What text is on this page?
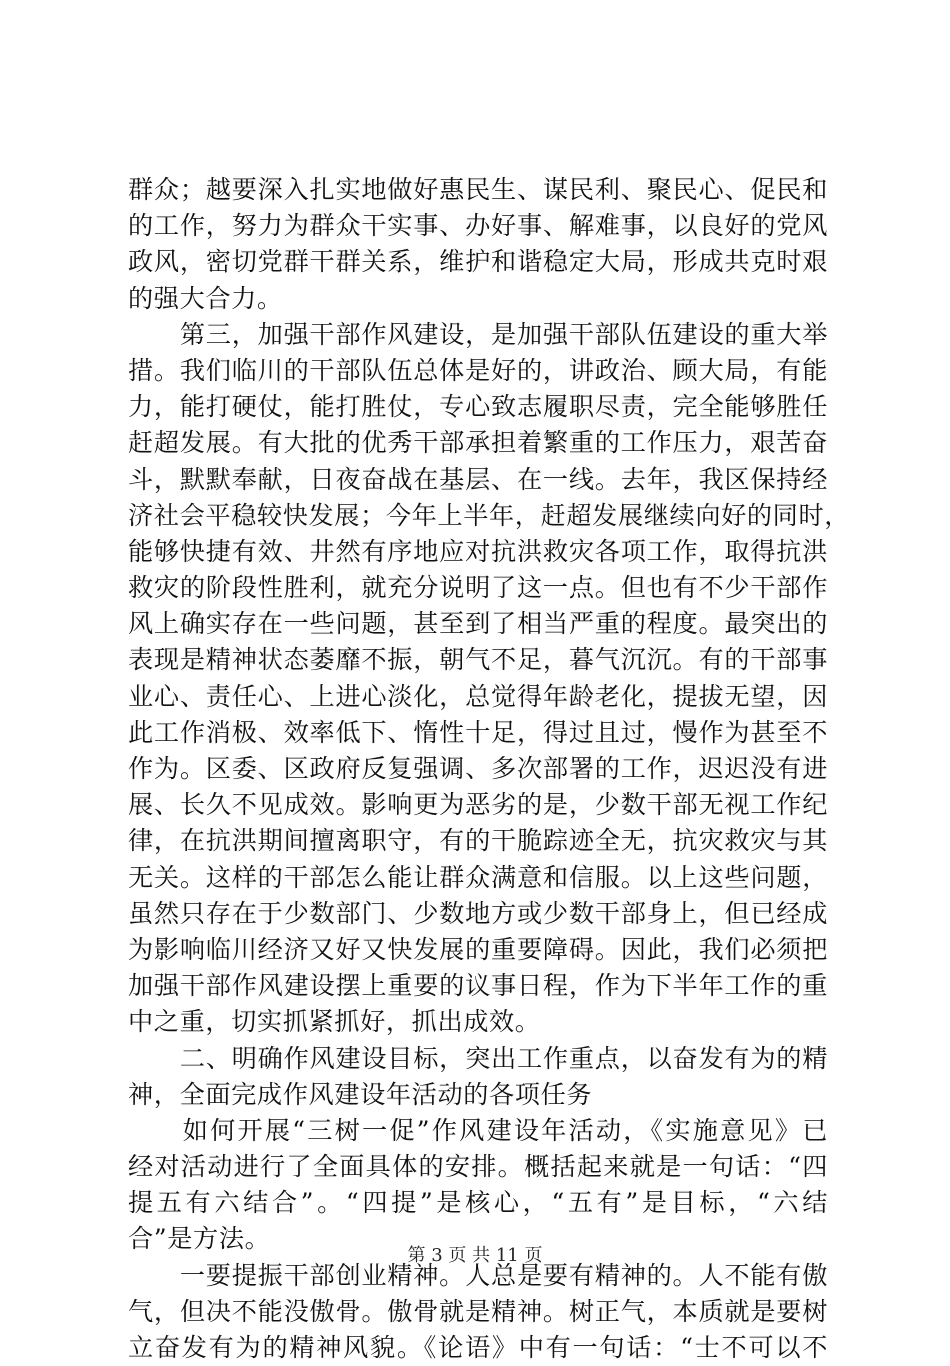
群众；越要深入扎实地做好惠民生、谋民利、聚民心、促民和
的工作，努力为群众干实事、办好事、解难事，以良好的党风
政风，密切党群干群关系，维护和谐稳定大局，形成共克时艰
的强大合力。
　　第三，加强干部作风建设，是加强干部队伍建设的重大举
措。我们临川的干部队伍总体是好的，讲政治、顾大局，有能
力，能打硬仗，能打胜仗，专心致志履职尽责，完全能够胜任
赶超发展。有大批的优秀干部承担着繁重的工作压力，艰苦奋
斗，默默奉献，日夜奋战在基层、在一线。去年，我区保持经
济社会平稳较快发展；今年上半年，赶超发展继续向好的同时，
能够快捷有效、井然有序地应对抗洪救灾各项工作，取得抗洪
救灾的阶段性胜利，就充分说明了这一点。但也有不少干部作
风上确实存在一些问题，甚至到了相当严重的程度。最突出的
表现是精神状态萎靡不振，朝气不足，暮气沉沉。有的干部事
业心、责任心、上进心淡化，总觉得年龄老化，提拔无望，因
此工作消极、效率低下、惰性十足，得过且过，慢作为甚至不
作为。区委、区政府反复强调、多次部署的工作，迟迟没有进
展、长久不见成效。影响更为恶劣的是，少数干部无视工作纪
律，在抗洪期间擅离职守，有的干脆踪迹全无，抗灾救灾与其
无关。这样的干部怎么能让群众满意和信服。以上这些问题，
虽然只存在于少数部门、少数地方或少数干部身上，但已经成
为影响临川经济又好又快发展的重要障碍。因此，我们必须把
加强干部作风建设摆上重要的议事日程，作为下半年工作的重
中之重，切实抓紧抓好，抓出成效。
　　二、明确作风建设目标，突出工作重点，以奋发有为的精
神，全面完成作风建设年活动的各项任务
　　如何开展“三树一促”作风建设年活动，《实施意见》已
经对活动进行了全面具体的安排。概括起来就是一句话：“四
提五有六结合”。“四提”是核心，“五有”是目标，“六结
合”是方法。
　　一要提振干部创业精神。人总是要有精神的。人不能有傲
气，但决不能没傲骨。傲骨就是精神。树正气，本质就是要树
立奋发有为的精神风貌。《论语》中有一句话：“士不可以不
第 3 页 共 11 页
